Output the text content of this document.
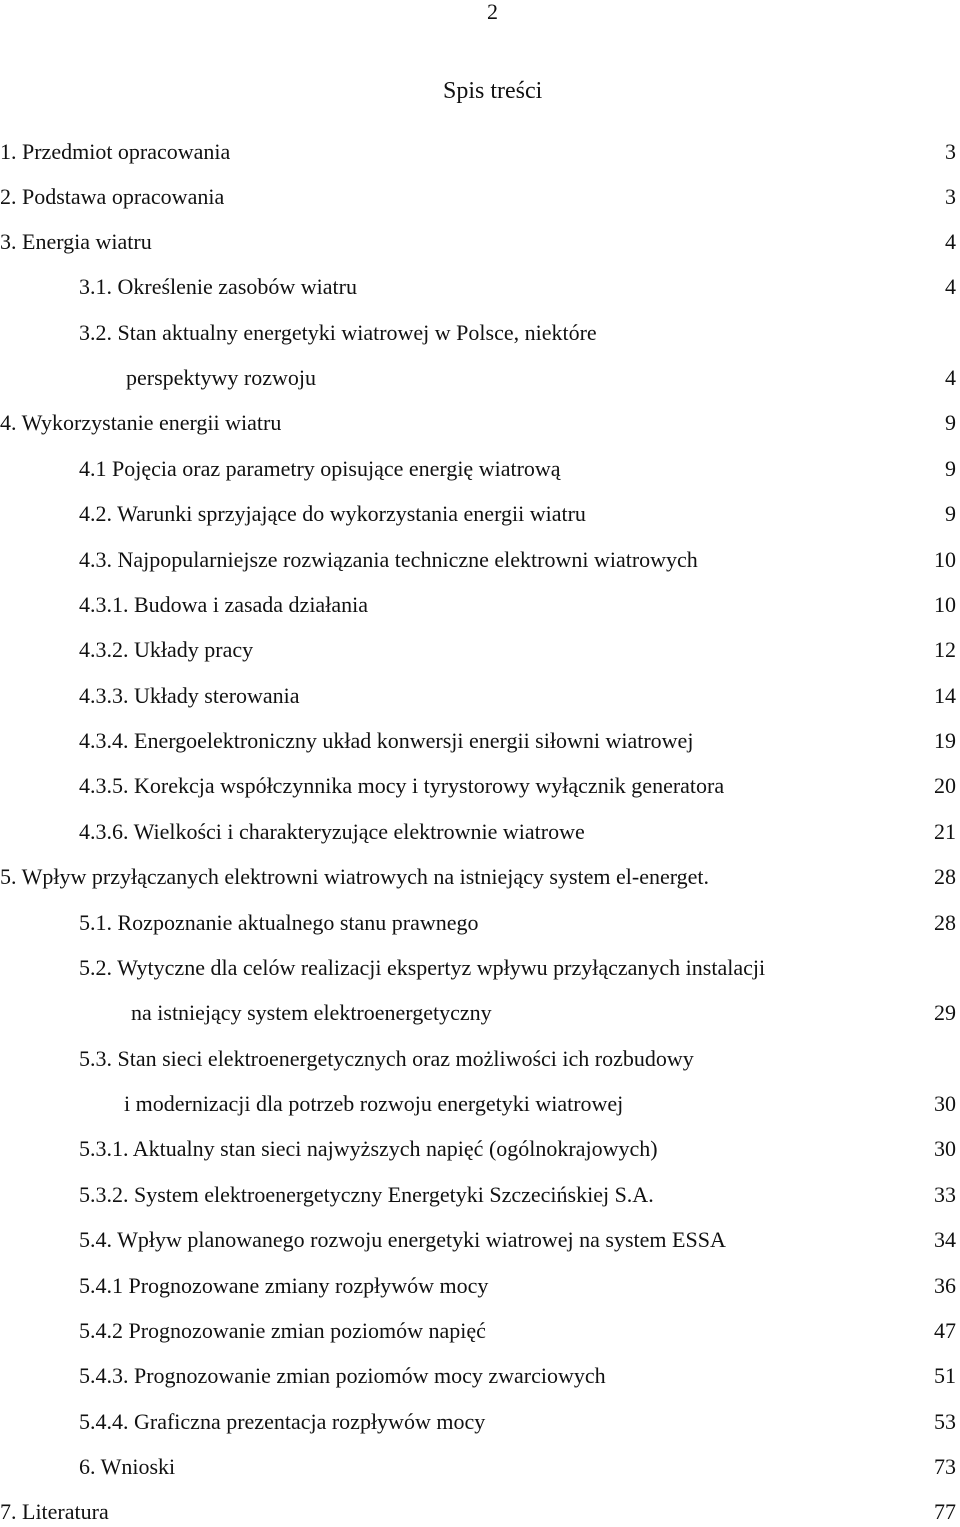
2
Spis treści
1. Przedmiot opracowania	3
2. Podstawa opracowania	3
3. Energia wiatru	4
3.1. Określenie zasobów wiatru	4
3.2. Stan aktualny energetyki wiatrowej w Polsce, niektóre
perspektywy rozwoju	4
4. Wykorzystanie energii wiatru	9
4.1 Pojęcia oraz parametry opisujące energię wiatrową	9
4.2. Warunki sprzyjające do wykorzystania energii wiatru	9
4.3. Najpopularniejsze rozwiązania techniczne elektrowni wiatrowych	10
4.3.1. Budowa i zasada działania	10
4.3.2. Układy pracy	12
4.3.3. Układy sterowania	14
4.3.4. Energoelektroniczny układ konwersji energii siłowni wiatrowej	19
4.3.5. Korekcja współczynnika mocy i tyrystorowy wyłącznik generatora	20
4.3.6. Wielkości i charakteryzujące elektrownie wiatrowe	21
5. Wpływ przyłączanych elektrowni wiatrowych na istniejący system el-energet.	28
5.1. Rozpoznanie aktualnego stanu prawnego	28
5.2. Wytyczne dla celów realizacji ekspertyz wpływu przyłączanych instalacji
na istniejący system elektroenergetyczny	29
5.3. Stan sieci elektroenergetycznych oraz możliwości ich rozbudowy
i modernizacji dla potrzeb rozwoju energetyki wiatrowej	30
5.3.1. Aktualny stan sieci najwyższych napięć (ogólnokrajowych)	30
5.3.2. System elektroenergetyczny Energetyki Szczecińskiej S.A.	33
5.4. Wpływ planowanego rozwoju energetyki wiatrowej na system ESSA	34
5.4.1 Prognozowane zmiany rozpływów mocy	36
5.4.2 Prognozowanie zmian poziomów napięć	47
5.4.3. Prognozowanie zmian poziomów mocy zwarciowych	51
5.4.4. Graficzna prezentacja rozpływów mocy	53
6. Wnioski	73
7. Literatura	77
